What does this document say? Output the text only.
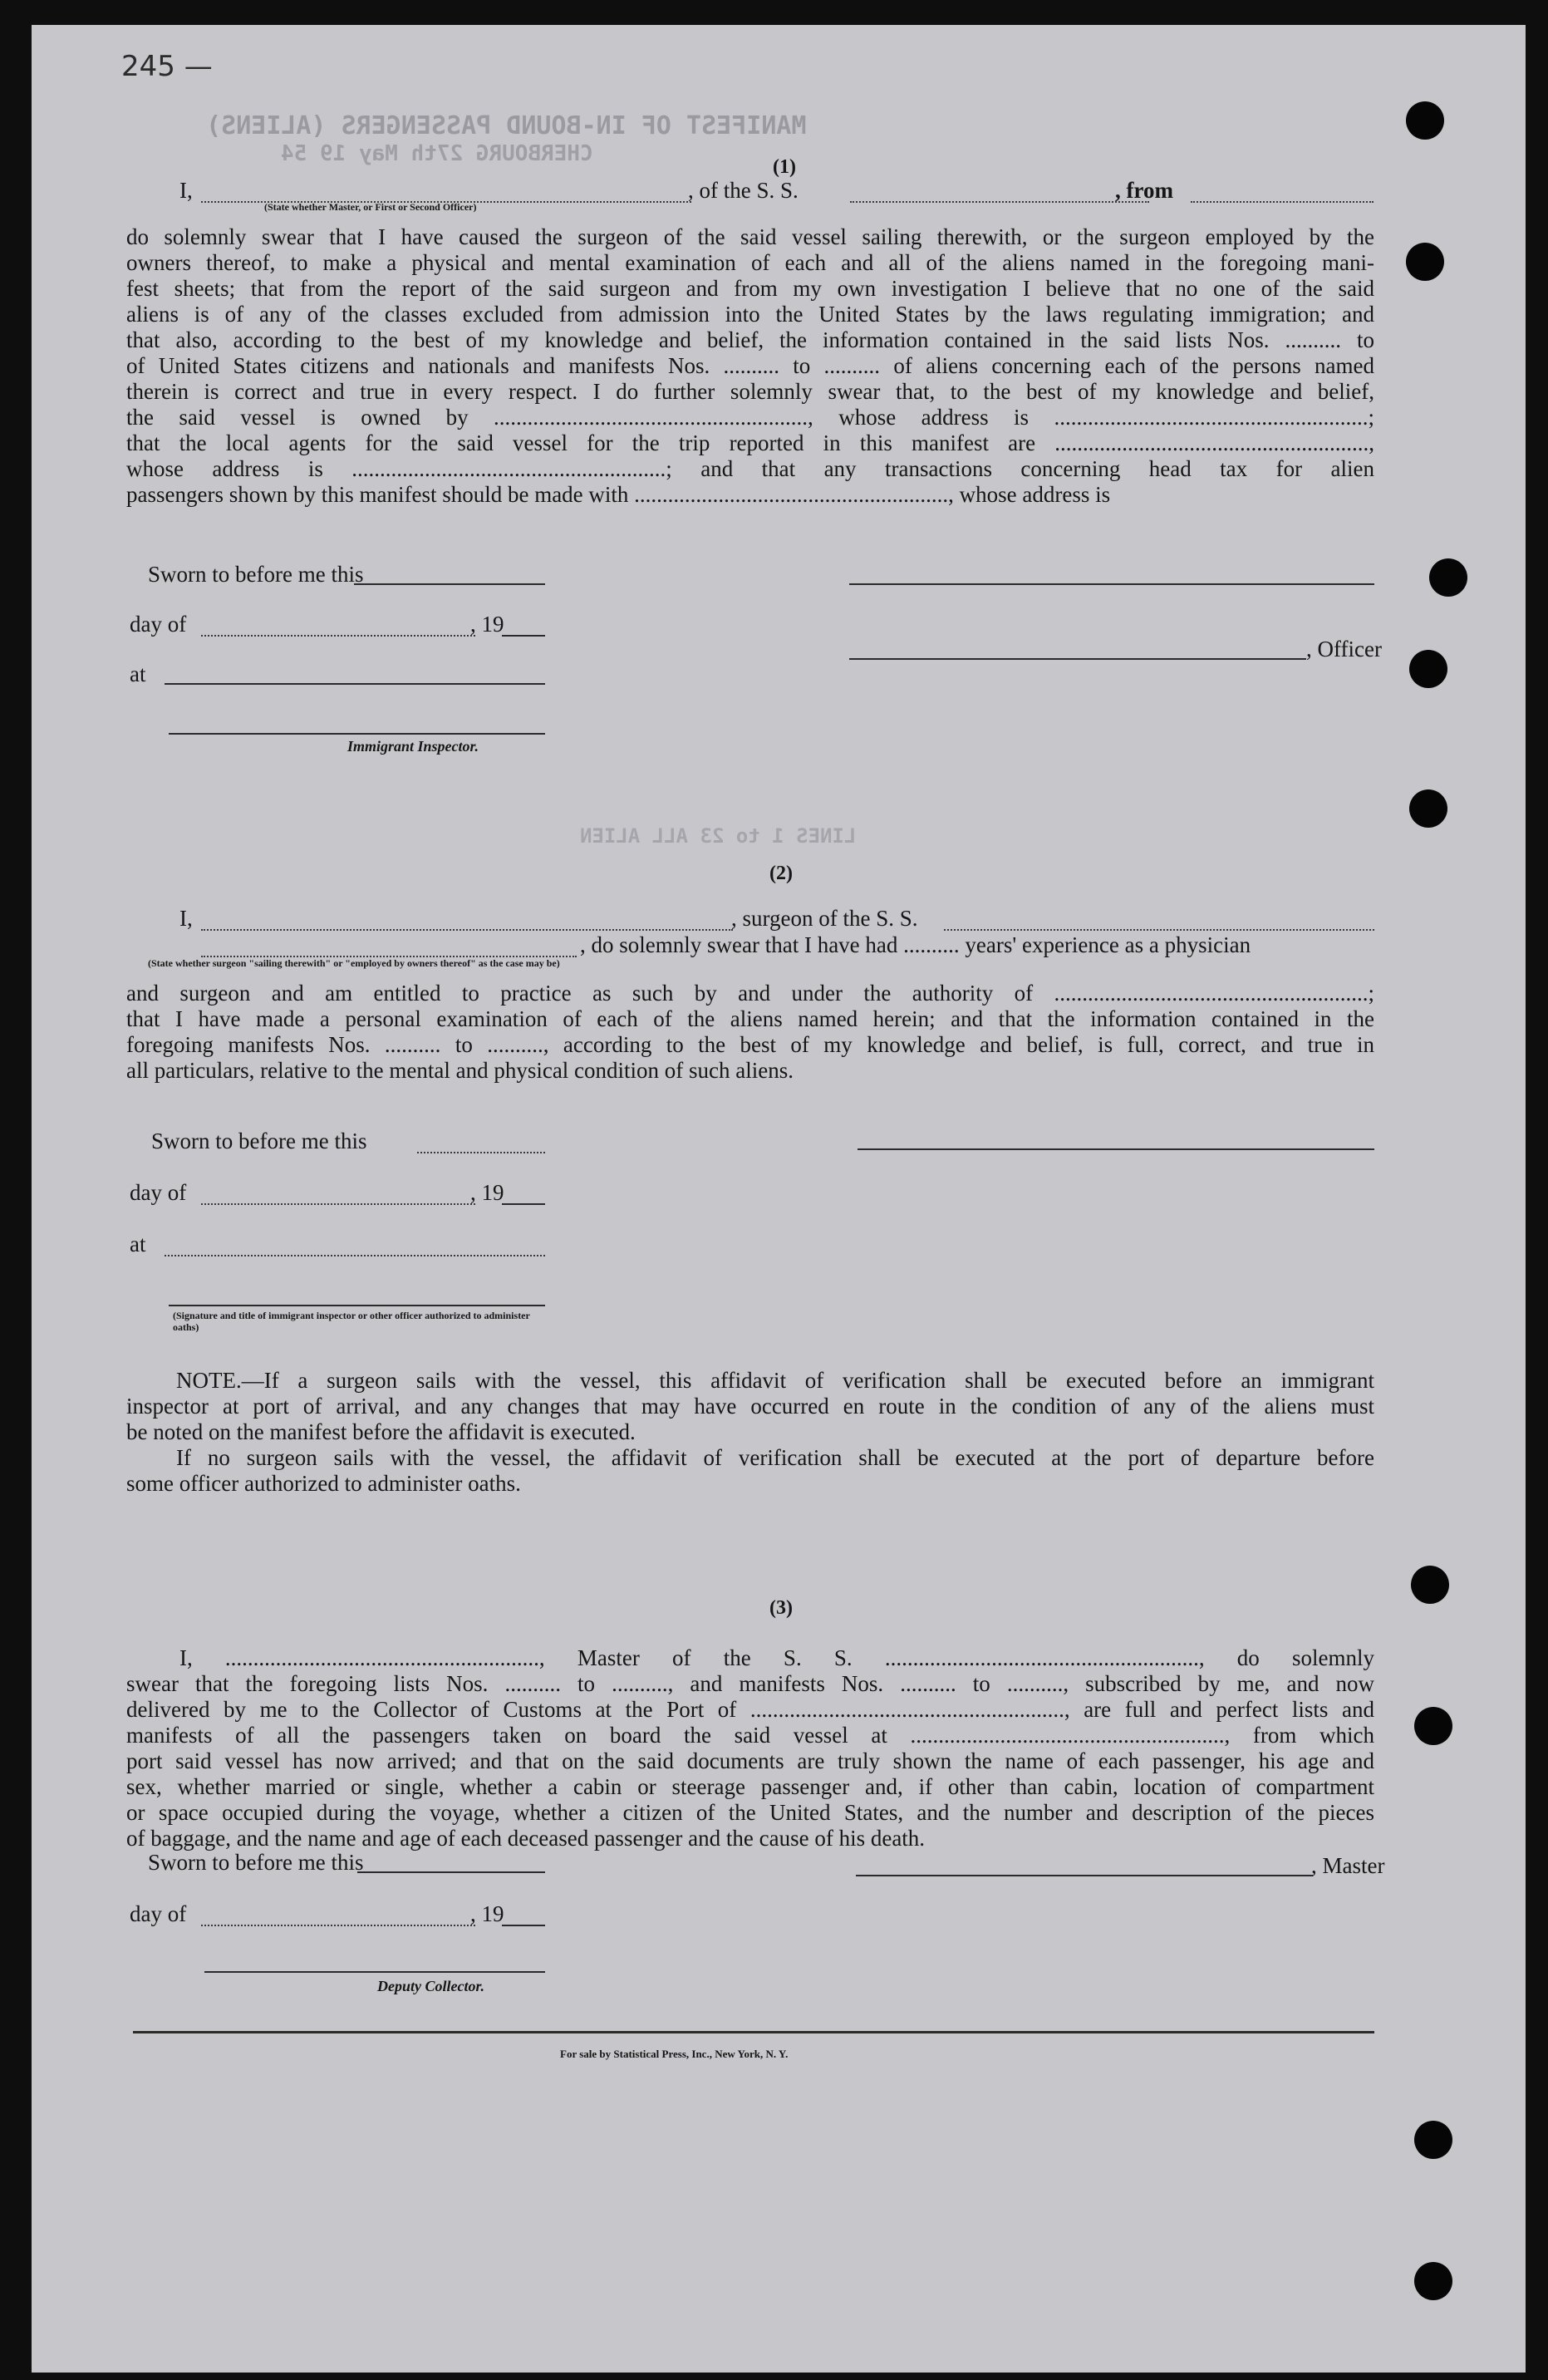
MANIFEST OF IN-BOUND PASSENGERS (ALIENS)
CHERBOURG 27th May 19 54
LINES 1 to 23 ALL ALIEN
245 —
(1)
I,	, of the S. S.	, from
(State whether Master, or First or Second Officer)

do solemnly swear that I have caused the surgeon of the said vessel sailing therewith, or the surgeon employed by the

owners thereof, to make a physical and mental examination of each and all of the aliens named in the foregoing mani-

fest sheets; that from the report of the said surgeon and from my own investigation I believe that no one of the said

aliens is of any of the classes excluded from admission into the United States by the laws regulating immigration; and

that also, according to the best of my knowledge and belief, the information contained in the said lists Nos. .......... to

of United States citizens and nationals and manifests Nos. .......... to .......... of aliens concerning each of the persons named

therein is correct and true in every respect. I do further solemnly swear that, to the best of my knowledge and belief,

the said vessel is owned by ........................................................, whose address is ........................................................;

that the local agents for the said vessel for the trip reported in this manifest are ........................................................,

whose address is ........................................................; and that any transactions concerning head tax for alien

passengers shown by this manifest should be made with ........................................................, whose address is

Sworn to before me this
day of	, 19
at
Immigrant Inspector.
, Officer
(2)
I,	, surgeon of the S. S.
, do solemnly swear that I have had .......... years' experience as a physician
(State whether surgeon "sailing therewith" or "employed by owners thereof" as the case may be)

and surgeon and am entitled to practice as such by and under the authority of ........................................................;

that I have made a personal examination of each of the aliens named herein; and that the information contained in the

foregoing manifests Nos. .......... to .........., according to the best of my knowledge and belief, is full, correct, and true in

all particulars, relative to the mental and physical condition of such aliens.

Sworn to before me this
day of	, 19
at
(Signature and title of immigrant inspector or other officer authorized to administer oaths)

NOTE.—If a surgeon sails with the vessel, this affidavit of verification shall be executed before an immigrant

inspector at port of arrival, and any changes that may have occurred en route in the condition of any of the aliens must

be noted on the manifest before the affidavit is executed.

If no surgeon sails with the vessel, the affidavit of verification shall be executed at the port of departure before

some officer authorized to administer oaths.

(3)

I, ........................................................, Master of the S. S. ........................................................, do solemnly

swear that the foregoing lists Nos. .......... to .........., and manifests Nos. .......... to .........., subscribed by me, and now

delivered by me to the Collector of Customs at the Port of ........................................................, are full and perfect lists and

manifests of all the passengers taken on board the said vessel at ........................................................, from which

port said vessel has now arrived; and that on the said documents are truly shown the name of each passenger, his age and

sex, whether married or single, whether a cabin or steerage passenger and, if other than cabin, location of compartment

or space occupied during the voyage, whether a citizen of the United States, and the number and description of the pieces

of baggage, and the name and age of each deceased passenger and the cause of his death.

Sworn to before me this	, Master
day of	, 19
Deputy Collector.
For sale by Statistical Press, Inc., New York, N. Y.
